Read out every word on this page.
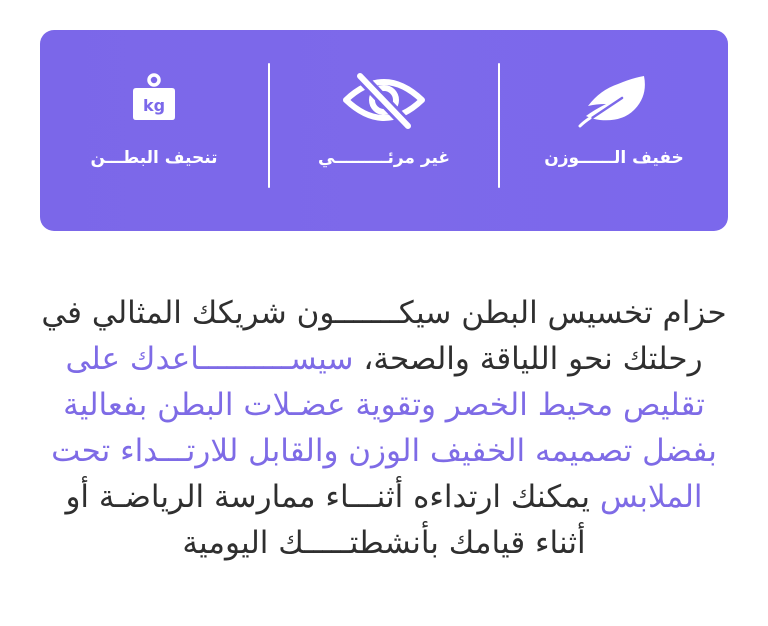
kg
تنحيف البطـــن	غير مرئـــــــــي	خفيف الــــــوزن

حزام تخسيس البطن سيكـــــــون شريكك المثالي في رحلتك نحو اللياقة والصحة، سيســــــــــاعدك على تقليص محيط الخصر وتقوية عضـلات البطن بفعالية بفضل تصميمه الخفيف الوزن والقابل للارتـــداء تحت الملابس يمكنك ارتداءه أثنـــاء ممارسة الرياضـة أو أثناء قيامك بأنشطتـــــك اليومية
